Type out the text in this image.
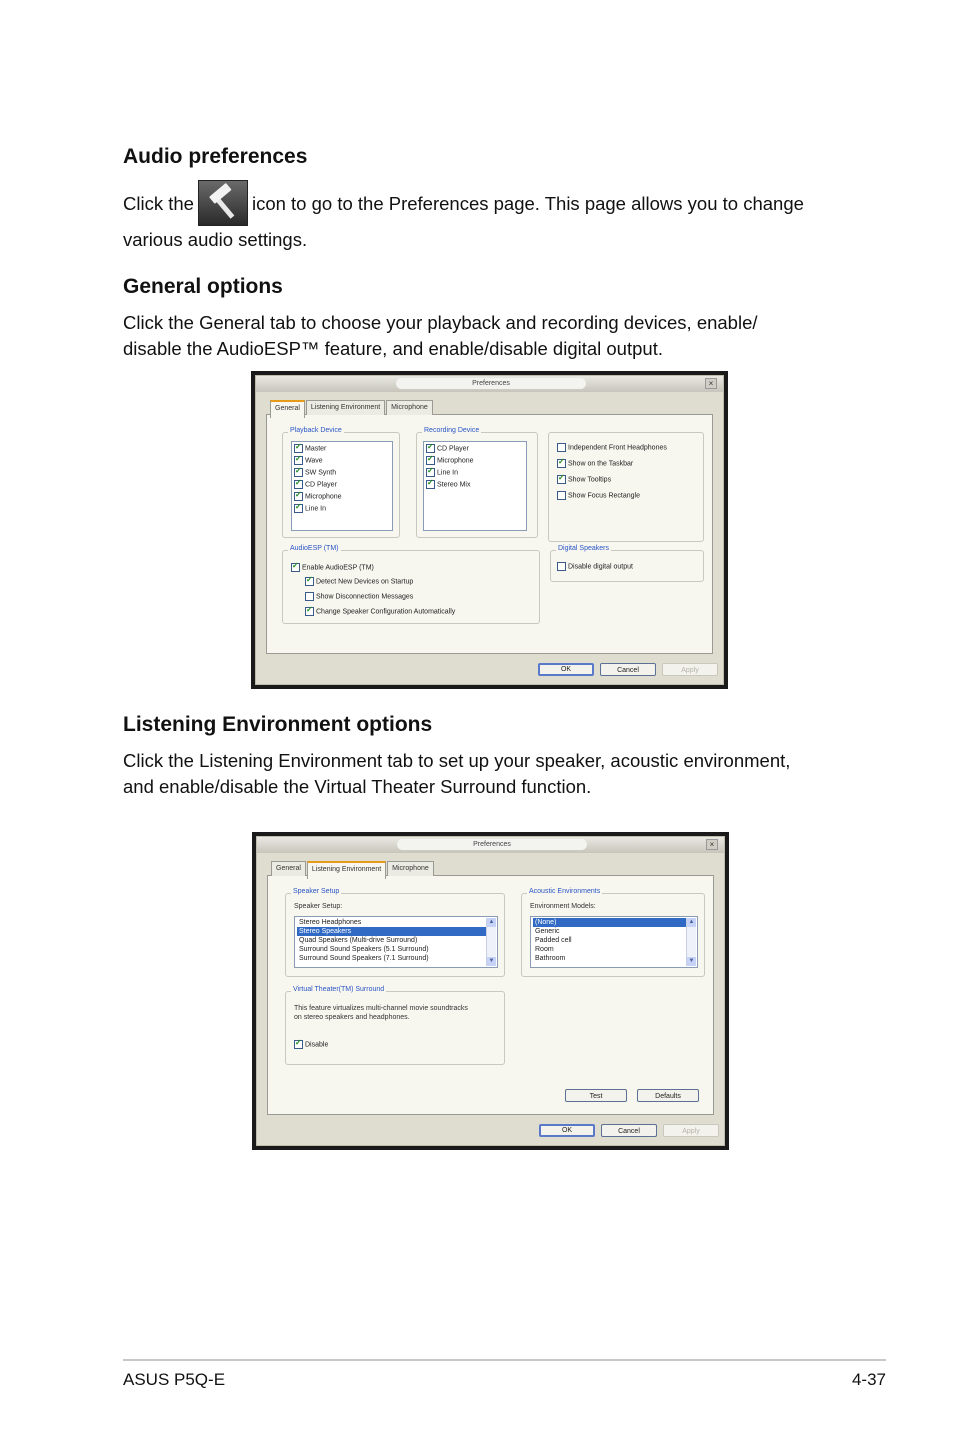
Audio preferences

Click the	icon to go to the Preferences page. This page allows you to change

various audio settings.

General options

Click the General tab to choose your playback and recording devices, enable/

disable the AudioESP™ feature, and enable/disable digital output.

Preferences	×
General	Listening Environment	Microphone
Playback Device
✓Master
✓Wave
✓SW Synth
✓CD Player
✓Microphone
✓Line In
Recording Device
✓CD Player
✓Microphone
✓Line In
✓Stereo Mix
Independent Front Headphones
✓Show on the Taskbar
✓Show Tooltips
Show Focus Rectangle
AudioESP (TM)
✓Enable AudioESP (TM)
✓Detect New Devices on Startup
Show Disconnection Messages
✓Change Speaker Configuration Automatically
Digital Speakers
Disable digital output
OK	Cancel	Apply
Listening Environment options

Click the Listening Environment tab to set up your speaker, acoustic environment,

and enable/disable the Virtual Theater Surround function.

Preferences	×
General	Listening Environment	Microphone
Speaker Setup
Speaker Setup:
Stereo Headphones
Stereo Speakers
Quad Speakers (Multi-drive Surround)
Surround Sound Speakers (5.1 Surround)
Surround Sound Speakers (7.1 Surround)
▲
▼
Acoustic Environments
Environment Models:
(None)
Generic
Padded cell
Room
Bathroom
▲
▼
Virtual Theater(TM) Surround
This feature virtualizes multi-channel movie soundtracks
on stereo speakers and headphones.
✓Disable
Test	Defaults
OK	Cancel	Apply
ASUS P5Q-E	4-37
